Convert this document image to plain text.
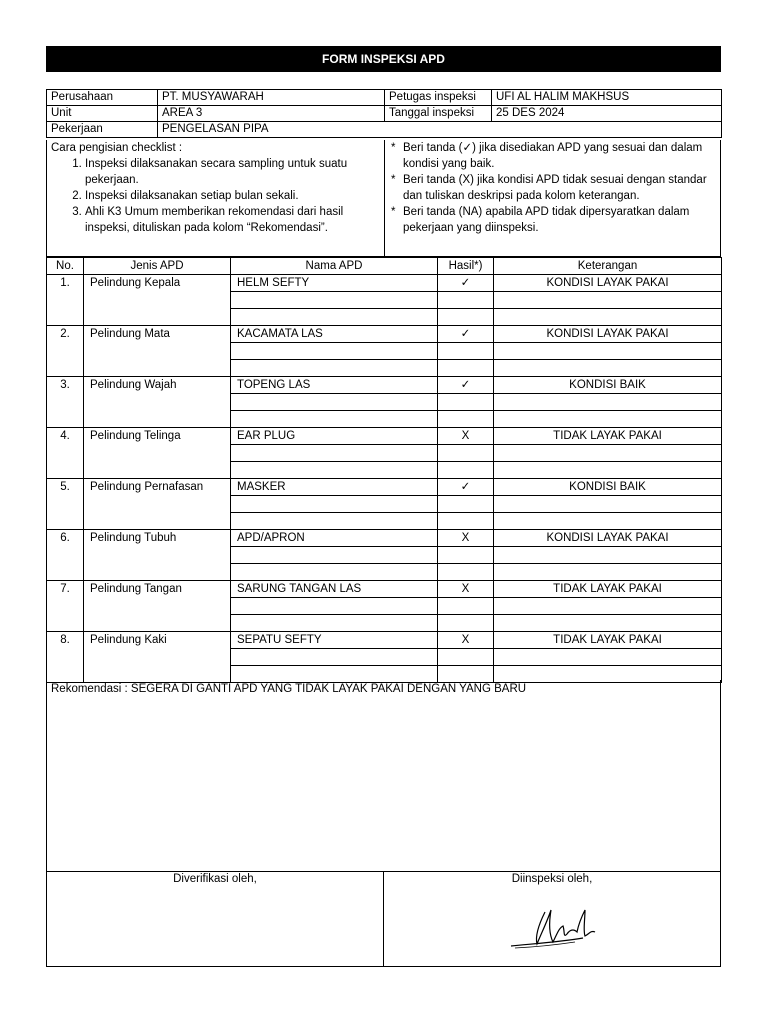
FORM INSPEKSI APD
Perusahaan	PT. MUSYAWARAH	Petugas inspeksi	UFI AL HALIM MAKHSUS
Unit	AREA 3	Tanggal inspeksi	25 DES 2024
Pekerjaan	PENGELASAN PIPA		
Cara pengisian checklist :
1. Inspeksi dilaksanakan secara sampling untuk suatu pekerjaan.
2. Inspeksi dilaksanakan setiap bulan sekali.
3. Ahli K3 Umum memberikan rekomendasi dari hasil inspeksi, dituliskan pada kolom “Rekomendasi”.
* Beri tanda (✓) jika disediakan APD yang sesuai dan dalam kondisi yang baik.
* Beri tanda (X) jika kondisi APD tidak sesuai dengan standar dan tuliskan deskripsi pada kolom keterangan.
* Beri tanda (NA) apabila APD tidak dipersyaratkan dalam pekerjaan yang diinspeksi.
No.	Jenis APD	Nama APD	Hasil*)	Keterangan
1.	Pelindung Kepala	HELM SEFTY	✓	KONDISI LAYAK PAKAI

2.	Pelindung Mata	KACAMATA LAS	✓	KONDISI LAYAK PAKAI

3.	Pelindung Wajah	TOPENG LAS	✓	KONDISI BAIK

4.	Pelindung Telinga	EAR PLUG	X	TIDAK LAYAK PAKAI

5.	Pelindung Pernafasan	MASKER	✓	KONDISI BAIK

6.	Pelindung Tubuh	APD/APRON	X	KONDISI LAYAK PAKAI

7.	Pelindung Tangan	SARUNG TANGAN LAS	X	TIDAK LAYAK PAKAI

8.	Pelindung Kaki	SEPATU SEFTY	X	TIDAK LAYAK PAKAI

Rekomendasi : SEGERA DI GANTI APD YANG TIDAK LAYAK PAKAI DENGAN YANG BARU
Diverifikasi oleh,	Diinspeksi oleh,
